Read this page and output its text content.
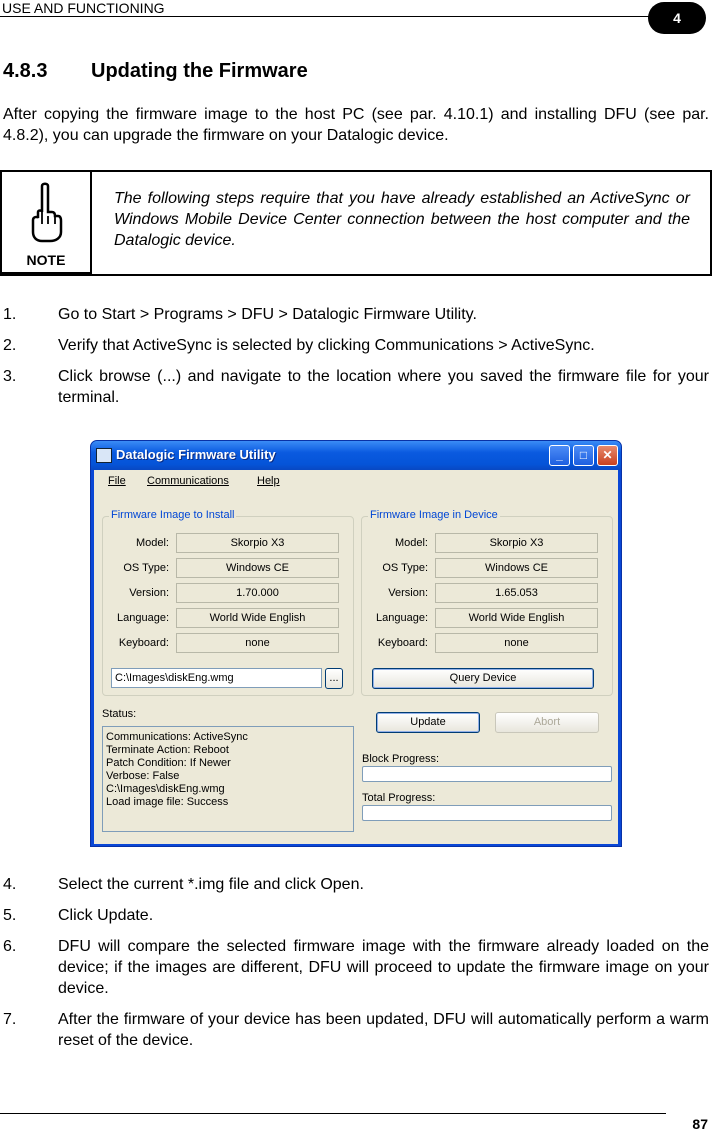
USE AND FUNCTIONING
4
4.8.3 Updating the Firmware

After copying the firmware image to the host PC (see par. 4.10.1) and installing DFU (see par. 4.8.2), you can upgrade the firmware on your Datalogic device.

NOTE
The following steps require that you have already established an ActiveSync or Windows Mobile Device Center connection between the host computer and the Datalogic device.
1.	Go to Start > Programs > DFU > Datalogic Firmware Utility.
2.	Verify that ActiveSync is selected by clicking Communications > ActiveSync.
3.	Click browse (...) and navigate to the location where you saved the firmware file for your terminal.
Datalogic Firmware Utility	_	□	✕
File Communications	Help
Firmware Image to Install
Model:	Skorpio X3
OS Type:	Windows CE
Version:	1.70.000
Language:	World Wide English
Keyboard:	none
C:\Images\diskEng.wmg	...
Firmware Image in Device
Model:	Skorpio X3
OS Type:	Windows CE
Version:	1.65.053
Language:	World Wide English
Keyboard:	none
Query Device
Status:
Communications: ActiveSync
Terminate Action: Reboot
Patch Condition: If Newer
Verbose: False
C:\Images\diskEng.wmg
Load image file: Success
Update	Abort
Block Progress:
Total Progress:
4.	Select the current *.img file and click Open.
5.	Click Update.
6.	DFU will compare the selected firmware image with the firmware already loaded on the device; if the images are different, DFU will proceed to update the firmware image on your device.
7.	After the firmware of your device has been updated, DFU will automatically perform a warm reset of the device.
87
